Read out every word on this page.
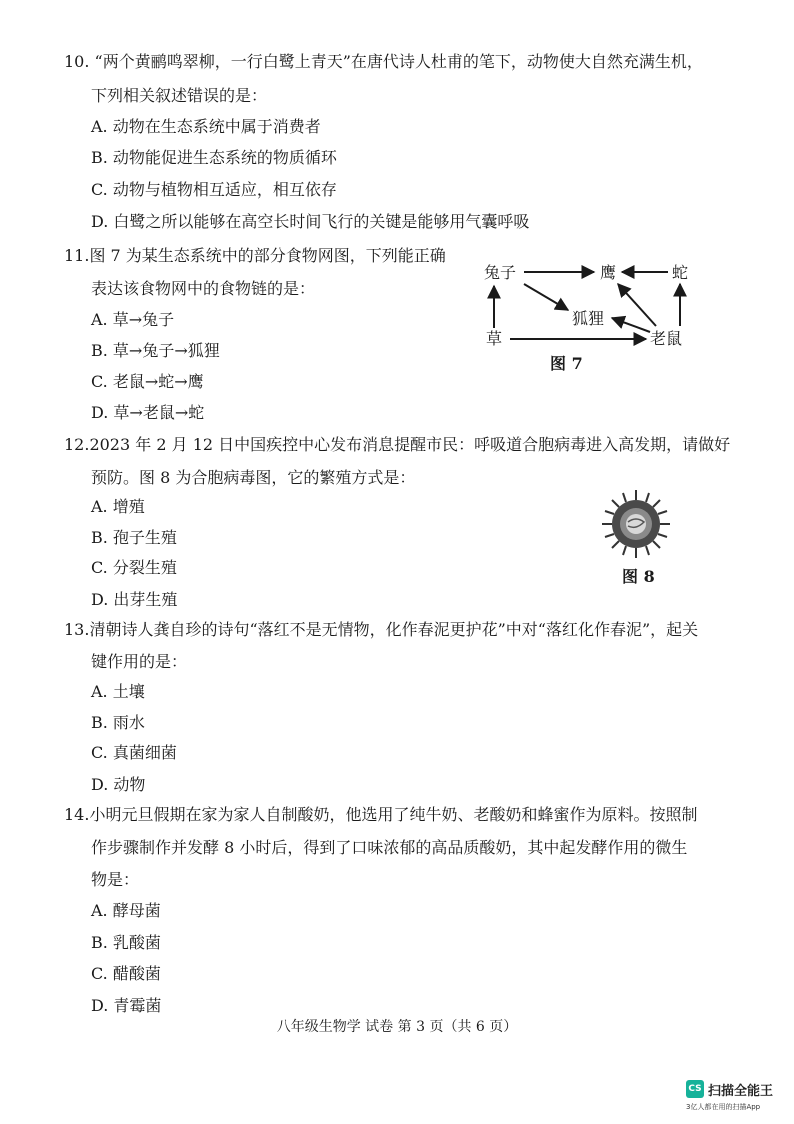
10. “两个黄鹂鸣翠柳，一行白鹭上青天”在唐代诗人杜甫的笔下，动物使大自然充满生机，
下列相关叙述错误的是：
A. 动物在生态系统中属于消费者
B. 动物能促进生态系统的物质循环
C. 动物与植物相互适应，相互依存
D. 白鹭之所以能够在高空长时间飞行的关键是能够用气囊呼吸
11.图 7 为某生态系统中的部分食物网图，下列能正确
表达该食物网中的食物链的是：
A. 草→兔子
B. 草→兔子→狐狸
C. 老鼠→蛇→鹰
D. 草→老鼠→蛇
兔子	鹰	蛇
狐狸
草	老鼠
图 7
12.2023 年 2 月 12 日中国疾控中心发布消息提醒市民：呼吸道合胞病毒进入高发期，请做好
预防。图 8 为合胞病毒图，它的繁殖方式是：
A. 增殖
B. 孢子生殖
C. 分裂生殖
D. 出芽生殖
图 8
13.清朝诗人龚自珍的诗句“落红不是无情物，化作春泥更护花”中对“落红化作春泥”，起关
键作用的是：
A. 土壤
B. 雨水
C. 真菌细菌
D. 动物
14.小明元旦假期在家为家人自制酸奶，他选用了纯牛奶、老酸奶和蜂蜜作为原料。按照制
作步骤制作并发酵 8 小时后，得到了口味浓郁的高品质酸奶，其中起发酵作用的微生
物是：
A. 酵母菌
B. 乳酸菌
C. 醋酸菌
D. 青霉菌
八年级生物学 试卷 第 3 页（共 6 页）
CS 扫描全能王
3亿人都在用的扫描App
